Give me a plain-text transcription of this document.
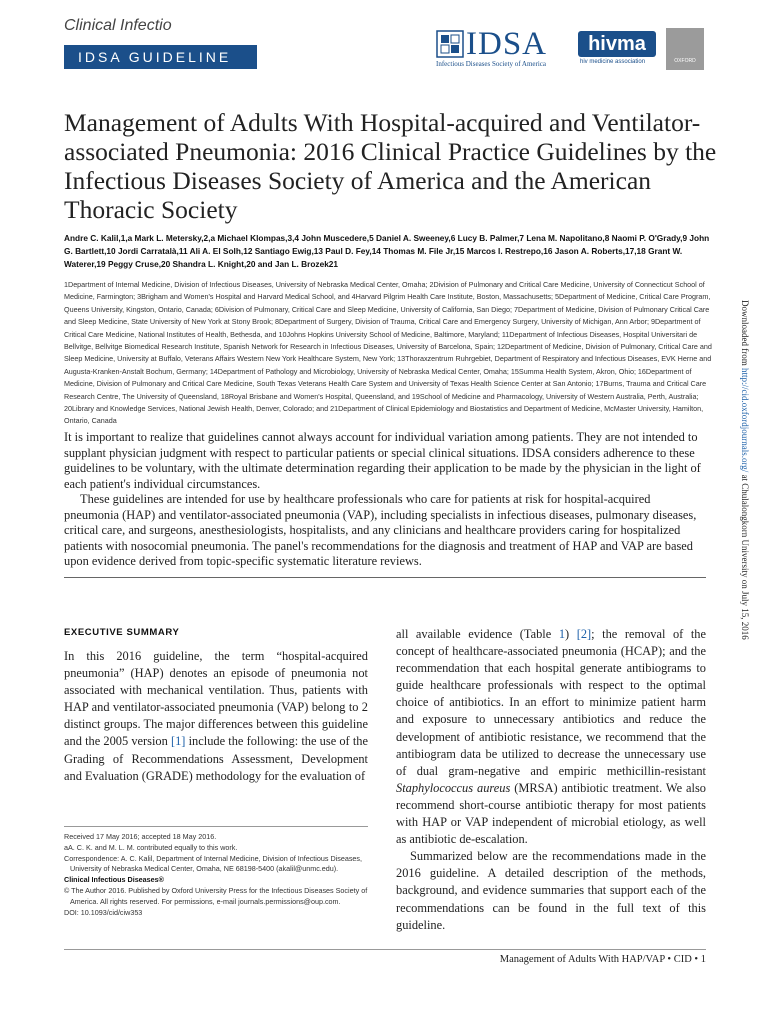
Clinical Infectio
IDSA GUIDELINE	IDSA
Infectious Diseases Society of America
hivma
hiv medicine association	OXFORD
Management of Adults With Hospital-acquired and Ventilator-associated Pneumonia: 2016 Clinical Practice Guidelines by the Infectious Diseases Society of America and the American Thoracic Society
Andre C. Kalil,1,a Mark L. Metersky,2,a Michael Klompas,3,4 John Muscedere,5 Daniel A. Sweeney,6 Lucy B. Palmer,7 Lena M. Napolitano,8 Naomi P. O'Grady,9 John G. Bartlett,10 Jordi Carratalà,11 Ali A. El Solh,12 Santiago Ewig,13 Paul D. Fey,14 Thomas M. File Jr,15 Marcos I. Restrepo,16 Jason A. Roberts,17,18 Grant W. Waterer,19 Peggy Cruse,20 Shandra L. Knight,20 and Jan L. Brozek21
1Department of Internal Medicine, Division of Infectious Diseases, University of Nebraska Medical Center, Omaha; 2Division of Pulmonary and Critical Care Medicine, University of Connecticut School of Medicine, Farmington; 3Brigham and Women's Hospital and Harvard Medical School, and 4Harvard Pilgrim Health Care Institute, Boston, Massachusetts; 5Department of Medicine, Critical Care Program, Queens University, Kingston, Ontario, Canada; 6Division of Pulmonary, Critical Care and Sleep Medicine, University of California, San Diego; 7Department of Medicine, Division of Pulmonary Critical Care and Sleep Medicine, State University of New York at Stony Brook; 8Department of Surgery, Division of Trauma, Critical Care and Emergency Surgery, University of Michigan, Ann Arbor; 9Department of Critical Care Medicine, National Institutes of Health, Bethesda, and 10Johns Hopkins University School of Medicine, Baltimore, Maryland; 11Department of Infectious Diseases, Hospital Universitari de Bellvitge, Bellvitge Biomedical Research Institute, Spanish Network for Research in Infectious Diseases, University of Barcelona, Spain; 12Department of Medicine, Division of Pulmonary, Critical Care and Sleep Medicine, University at Buffalo, Veterans Affairs Western New York Healthcare System, New York; 13Thoraxzentrum Ruhrgebiet, Department of Respiratory and Infectious Diseases, EVK Herne and Augusta-Kranken-Anstalt Bochum, Germany; 14Department of Pathology and Microbiology, University of Nebraska Medical Center, Omaha; 15Summa Health System, Akron, Ohio; 16Department of Medicine, Division of Pulmonary and Critical Care Medicine, South Texas Veterans Health Care System and University of Texas Health Science Center at San Antonio; 17Burns, Trauma and Critical Care Research Centre, The University of Queensland, 18Royal Brisbane and Women's Hospital, Queensland, and 19School of Medicine and Pharmacology, University of Western Australia, Perth, Australia; 20Library and Knowledge Services, National Jewish Health, Denver, Colorado; and 21Department of Clinical Epidemiology and Biostatistics and Department of Medicine, McMaster University, Hamilton, Ontario, Canada

It is important to realize that guidelines cannot always account for individual variation among patients. They are not intended to supplant physician judgment with respect to particular patients or special clinical situations. IDSA considers adherence to these guidelines to be voluntary, with the ultimate determination regarding their application to be made by the physician in the light of each patient's individual circumstances.

These guidelines are intended for use by healthcare professionals who care for patients at risk for hospital-acquired pneumonia (HAP) and ventilator-associated pneumonia (VAP), including specialists in infectious diseases, pulmonary diseases, critical care, and surgeons, anesthesiologists, hospitalists, and any clinicians and healthcare providers caring for hospitalized patients with nosocomial pneumonia. The panel's recommendations for the diagnosis and treatment of HAP and VAP are based upon evidence derived from topic-specific systematic literature reviews.

EXECUTIVE SUMMARY
In this 2016 guideline, the term “hospital-acquired pneumonia” (HAP) denotes an episode of pneumonia not associated with mechanical ventilation. Thus, patients with HAP and ventilator-associated pneumonia (VAP) belong to 2 distinct groups. The major differences between this guideline and the 2005 version [1] include the following: the use of the Grading of Recommendations Assessment, Development and Evaluation (GRADE) methodology for the evaluation of

all available evidence (Table 1) [2]; the removal of the concept of healthcare-associated pneumonia (HCAP); and the recommendation that each hospital generate antibiograms to guide healthcare professionals with respect to the optimal choice of antibiotics. In an effort to minimize patient harm and exposure to unnecessary antibiotics and reduce the development of antibiotic resistance, we recommend that the antibiogram data be utilized to decrease the unnecessary use of dual gram-negative and empiric methicillin-resistant Staphylococcus aureus (MRSA) antibiotic treatment. We also recommend short-course antibiotic therapy for most patients with HAP or VAP independent of microbial etiology, as well as antibiotic de-escalation.

Summarized below are the recommendations made in the 2016 guideline. A detailed description of the methods, background, and evidence summaries that support each of the recommendations can be found in the full text of this guideline.

Received 17 May 2016; accepted 18 May 2016.
aA. C. K. and M. L. M. contributed equally to this work.
Correspondence: A. C. Kalil, Department of Internal Medicine, Division of Infectious Diseases, University of Nebraska Medical Center, Omaha, NE 68198-5400 (akalil@unmc.edu).
Clinical Infectious Diseases®
© The Author 2016. Published by Oxford University Press for the Infectious Diseases Society of America. All rights reserved. For permissions, e-mail journals.permissions@oup.com.
DOI: 10.1093/cid/ciw353
Management of Adults With HAP/VAP • CID • 1
Downloaded from http://cid.oxfordjournals.org/ at Chulalongkorn University on July 15, 2016
